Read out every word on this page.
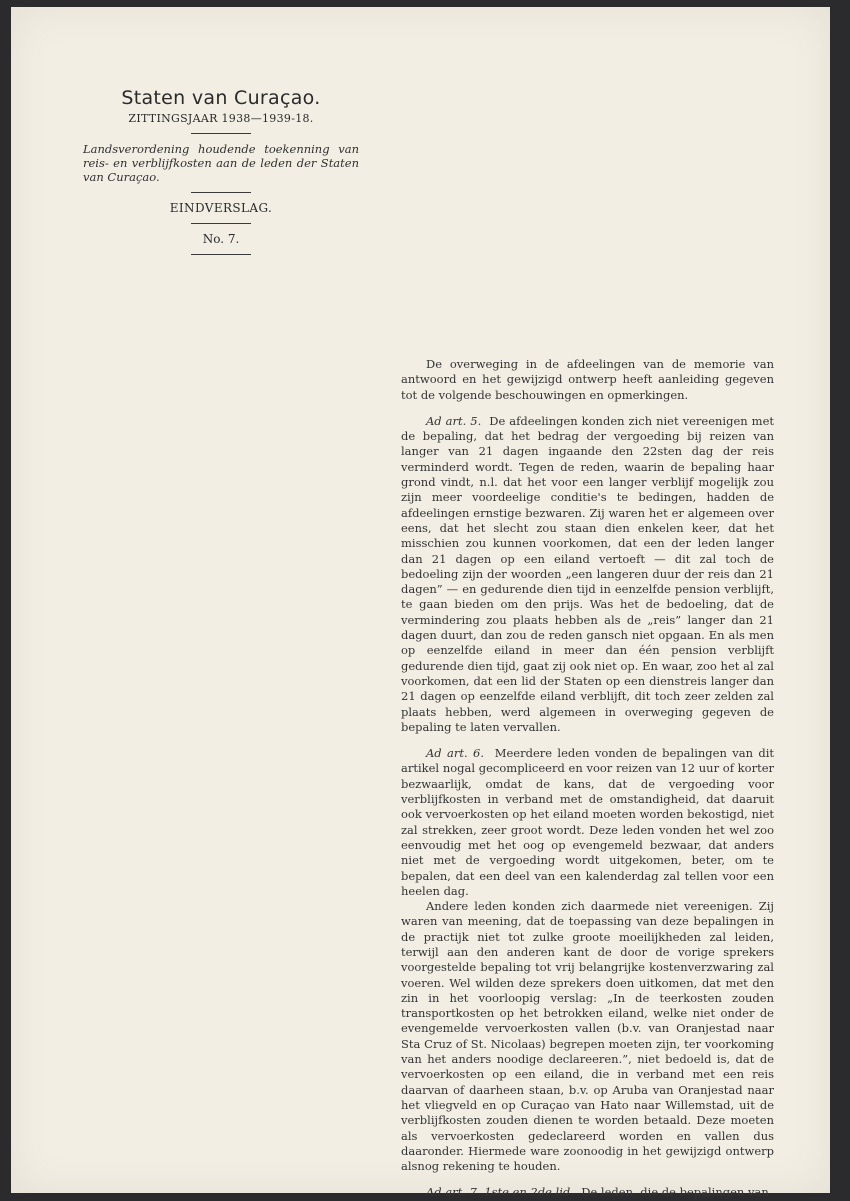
Staten van Curaçao.
ZITTINGSJAAR 1938—1939-18.
Landsverordening houdende toekenning van reis- en verblijfkosten aan de leden der Staten van Curaçao.
EINDVERSLAG.
No. 7.

De overweging in de afdeelingen van de memorie van antwoord en het gewijzigd ontwerp heeft aanleiding gegeven tot de volgende beschouwingen en opmerkingen.

Ad art. 5. De afdeelingen konden zich niet vereenigen met de bepaling, dat het bedrag der vergoeding bij reizen van langer van 21 dagen ingaande den 22sten dag der reis verminderd wordt. Tegen de reden, waarin de bepaling haar grond vindt, n.l. dat het voor een langer verblijf mogelijk zou zijn meer voordeelige conditie's te bedingen, hadden de afdeelingen ernstige bezwaren. Zij waren het er algemeen over eens, dat het slecht zou staan dien enkelen keer, dat het misschien zou kunnen voorkomen, dat een der leden langer dan 21 dagen op een eiland vertoeft — dit zal toch de bedoeling zijn der woorden „een langeren duur der reis dan 21 dagen” — en gedurende dien tijd in eenzelfde pension verblijft, te gaan bieden om den prijs. Was het de bedoeling, dat de vermindering zou plaats hebben als de „reis” langer dan 21 dagen duurt, dan zou de reden gansch niet opgaan. En als men op eenzelfde eiland in meer dan één pension verblijft gedurende dien tijd, gaat zij ook niet op. En waar, zoo het al zal voorkomen, dat een lid der Staten op een dienstreis langer dan 21 dagen op eenzelfde eiland verblijft, dit toch zeer zelden zal plaats hebben, werd algemeen in overweging gegeven de bepaling te laten vervallen.

Ad art. 6. Meerdere leden vonden de bepalingen van dit artikel nogal gecompliceerd en voor reizen van 12 uur of korter bezwaarlijk, omdat de kans, dat de vergoeding voor verblijfkosten in verband met de omstandigheid, dat daaruit ook vervoerkosten op het eiland moeten worden bekostigd, niet zal strekken, zeer groot wordt. Deze leden vonden het wel zoo eenvoudig met het oog op evengemeld bezwaar, dat anders niet met de vergoeding wordt uitgekomen, beter, om te bepalen, dat een deel van een kalenderdag zal tellen voor een heelen dag.

Andere leden konden zich daarmede niet vereenigen. Zij waren van meening, dat de toepassing van deze bepalingen in de practijk niet tot zulke groote moeilijkheden zal leiden, terwijl aan den anderen kant de door de vorige sprekers voorgestelde bepaling tot vrij belangrijke kostenverzwaring zal voeren. Wel wilden deze sprekers doen uitkomen, dat met den zin in het voorloopig verslag: „In de teerkosten zouden transportkosten op het betrokken eiland, welke niet onder de evengemelde vervoerkosten vallen (b.v. van Oranjestad naar Sta Cruz of St. Nicolaas) begrepen moeten zijn, ter voorkoming van het anders noodige declareeren.”, niet bedoeld is, dat de vervoerkosten op een eiland, die in verband met een reis daarvan of daarheen staan, b.v. op Aruba van Oranjestad naar het vliegveld en op Curaçao van Hato naar Willemstad, uit de verblijfkosten zouden dienen te worden betaald. Deze moeten als vervoerkosten gedeclareerd worden en vallen dus daaronder. Hiermede ware zoonoodig in het gewijzigd ontwerp alsnog rekening te houden.

Ad art. 7, 1ste en 2de lid. De leden, die de bepalingen van
